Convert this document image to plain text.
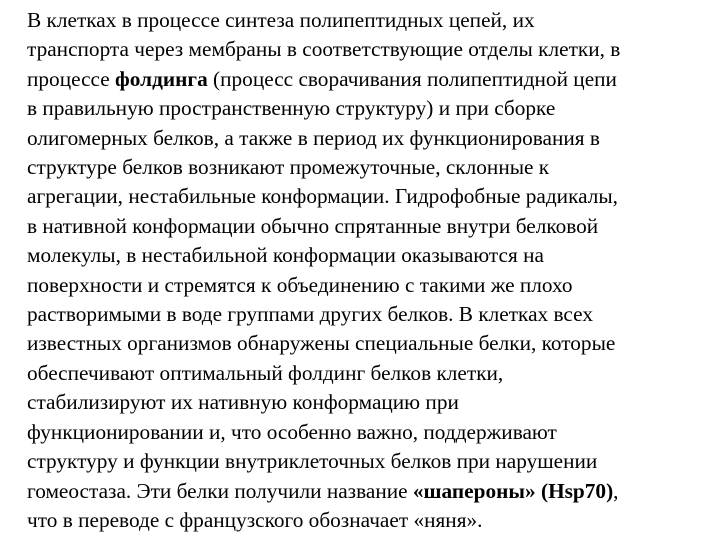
В клетках в процессе синтеза полипептидных цепей, их
транспорта через мембраны в соответствующие отделы клетки, в
процессе фолдинга (процесс сворачивания полипептидной цепи
в правильную пространственную структуру) и при сборке
олигомерных белков, а также в период их функционирования в
структуре белков возникают промежуточные, склонные к
агрегации, нестабильные конформации. Гидрофобные радикалы,
в нативной конформации обычно спрятанные внутри белковой
молекулы, в нестабильной конформации оказываются на
поверхности и стремятся к объединению с такими же плохо
растворимыми в воде группами других белков. В клетках всех
известных организмов обнаружены специальные белки, которые
обеспечивают оптимальный фолдинг белков клетки,
стабилизируют их нативную конформацию при
функционировании и, что особенно важно, поддерживают
структуру и функции внутриклеточных белков при нарушении
гомеостаза. Эти белки получили название «шапероны» (Hsp70),
что в переводе с французского обозначает «няня».
